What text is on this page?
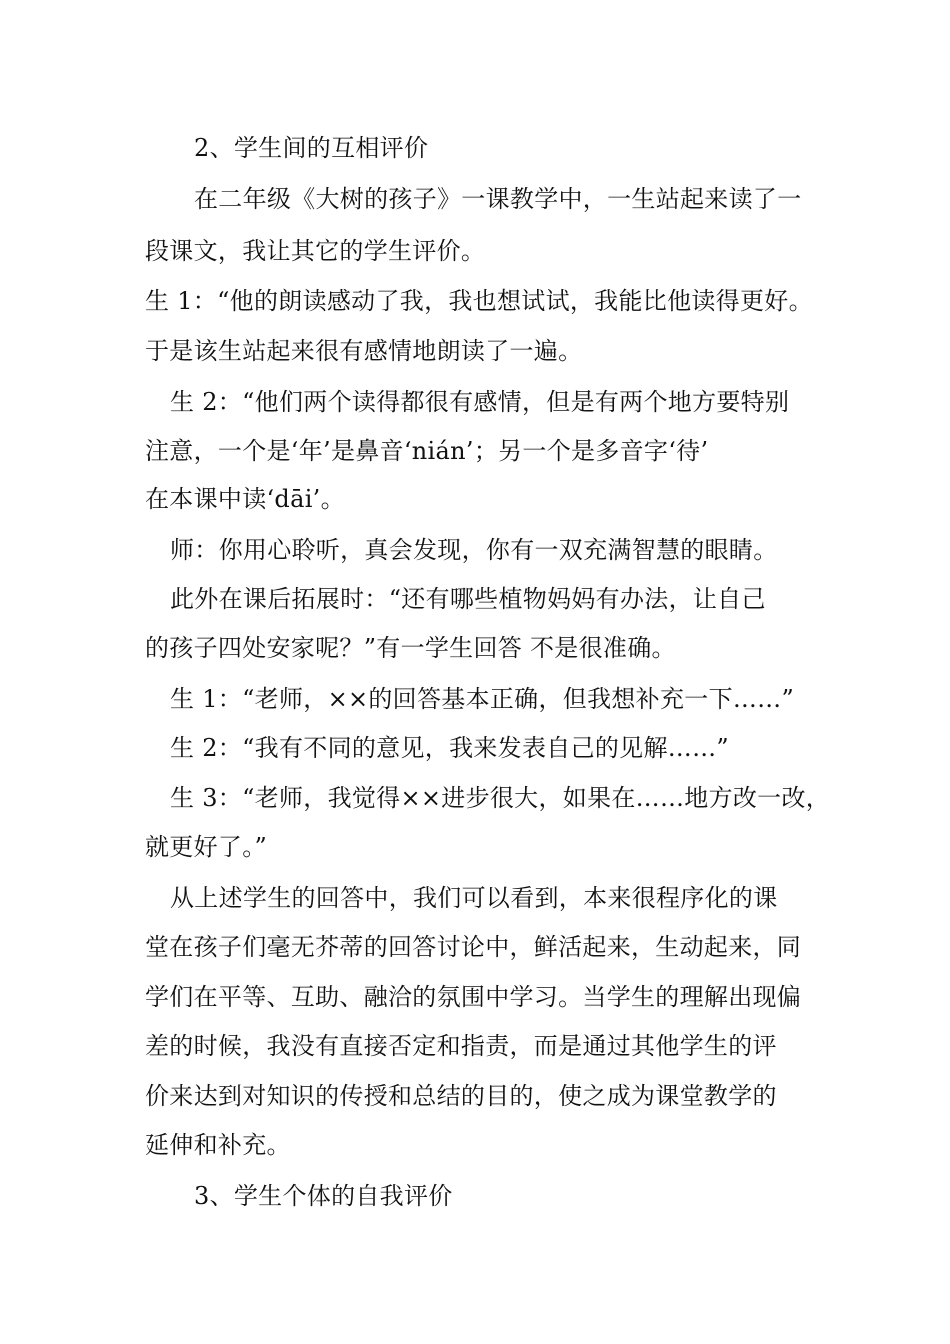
2、学生间的互相评价
在二年级《大树的孩子》一课教学中，一生站起来读了一
段课文，我让其它的学生评价。
生 1：“他的朗读感动了我，我也想试试，我能比他读得更好。
于是该生站起来很有感情地朗读了一遍。
生 2：“他们两个读得都很有感情，但是有两个地方要特别
注意，一个是‘年’是鼻音‘nián’；另一个是多音字‘待’
在本课中读‘dāi’。
师：你用心聆听，真会发现，你有一双充满智慧的眼睛。
此外在课后拓展时：“还有哪些植物妈妈有办法，让自己
的孩子四处安家呢？”有一学生回答 不是很准确。
生 1：“老师，××的回答基本正确，但我想补充一下……”
生 2：“我有不同的意见，我来发表自己的见解……”
生 3：“老师，我觉得××进步很大，如果在……地方改一改，
就更好了。”
从上述学生的回答中，我们可以看到，本来很程序化的课
堂在孩子们毫无芥蒂的回答讨论中，鲜活起来，生动起来，同
学们在平等、互助、融洽的氛围中学习。当学生的理解出现偏
差的时候，我没有直接否定和指责，而是通过其他学生的评
价来达到对知识的传授和总结的目的，使之成为课堂教学的
延伸和补充。
3、学生个体的自我评价
